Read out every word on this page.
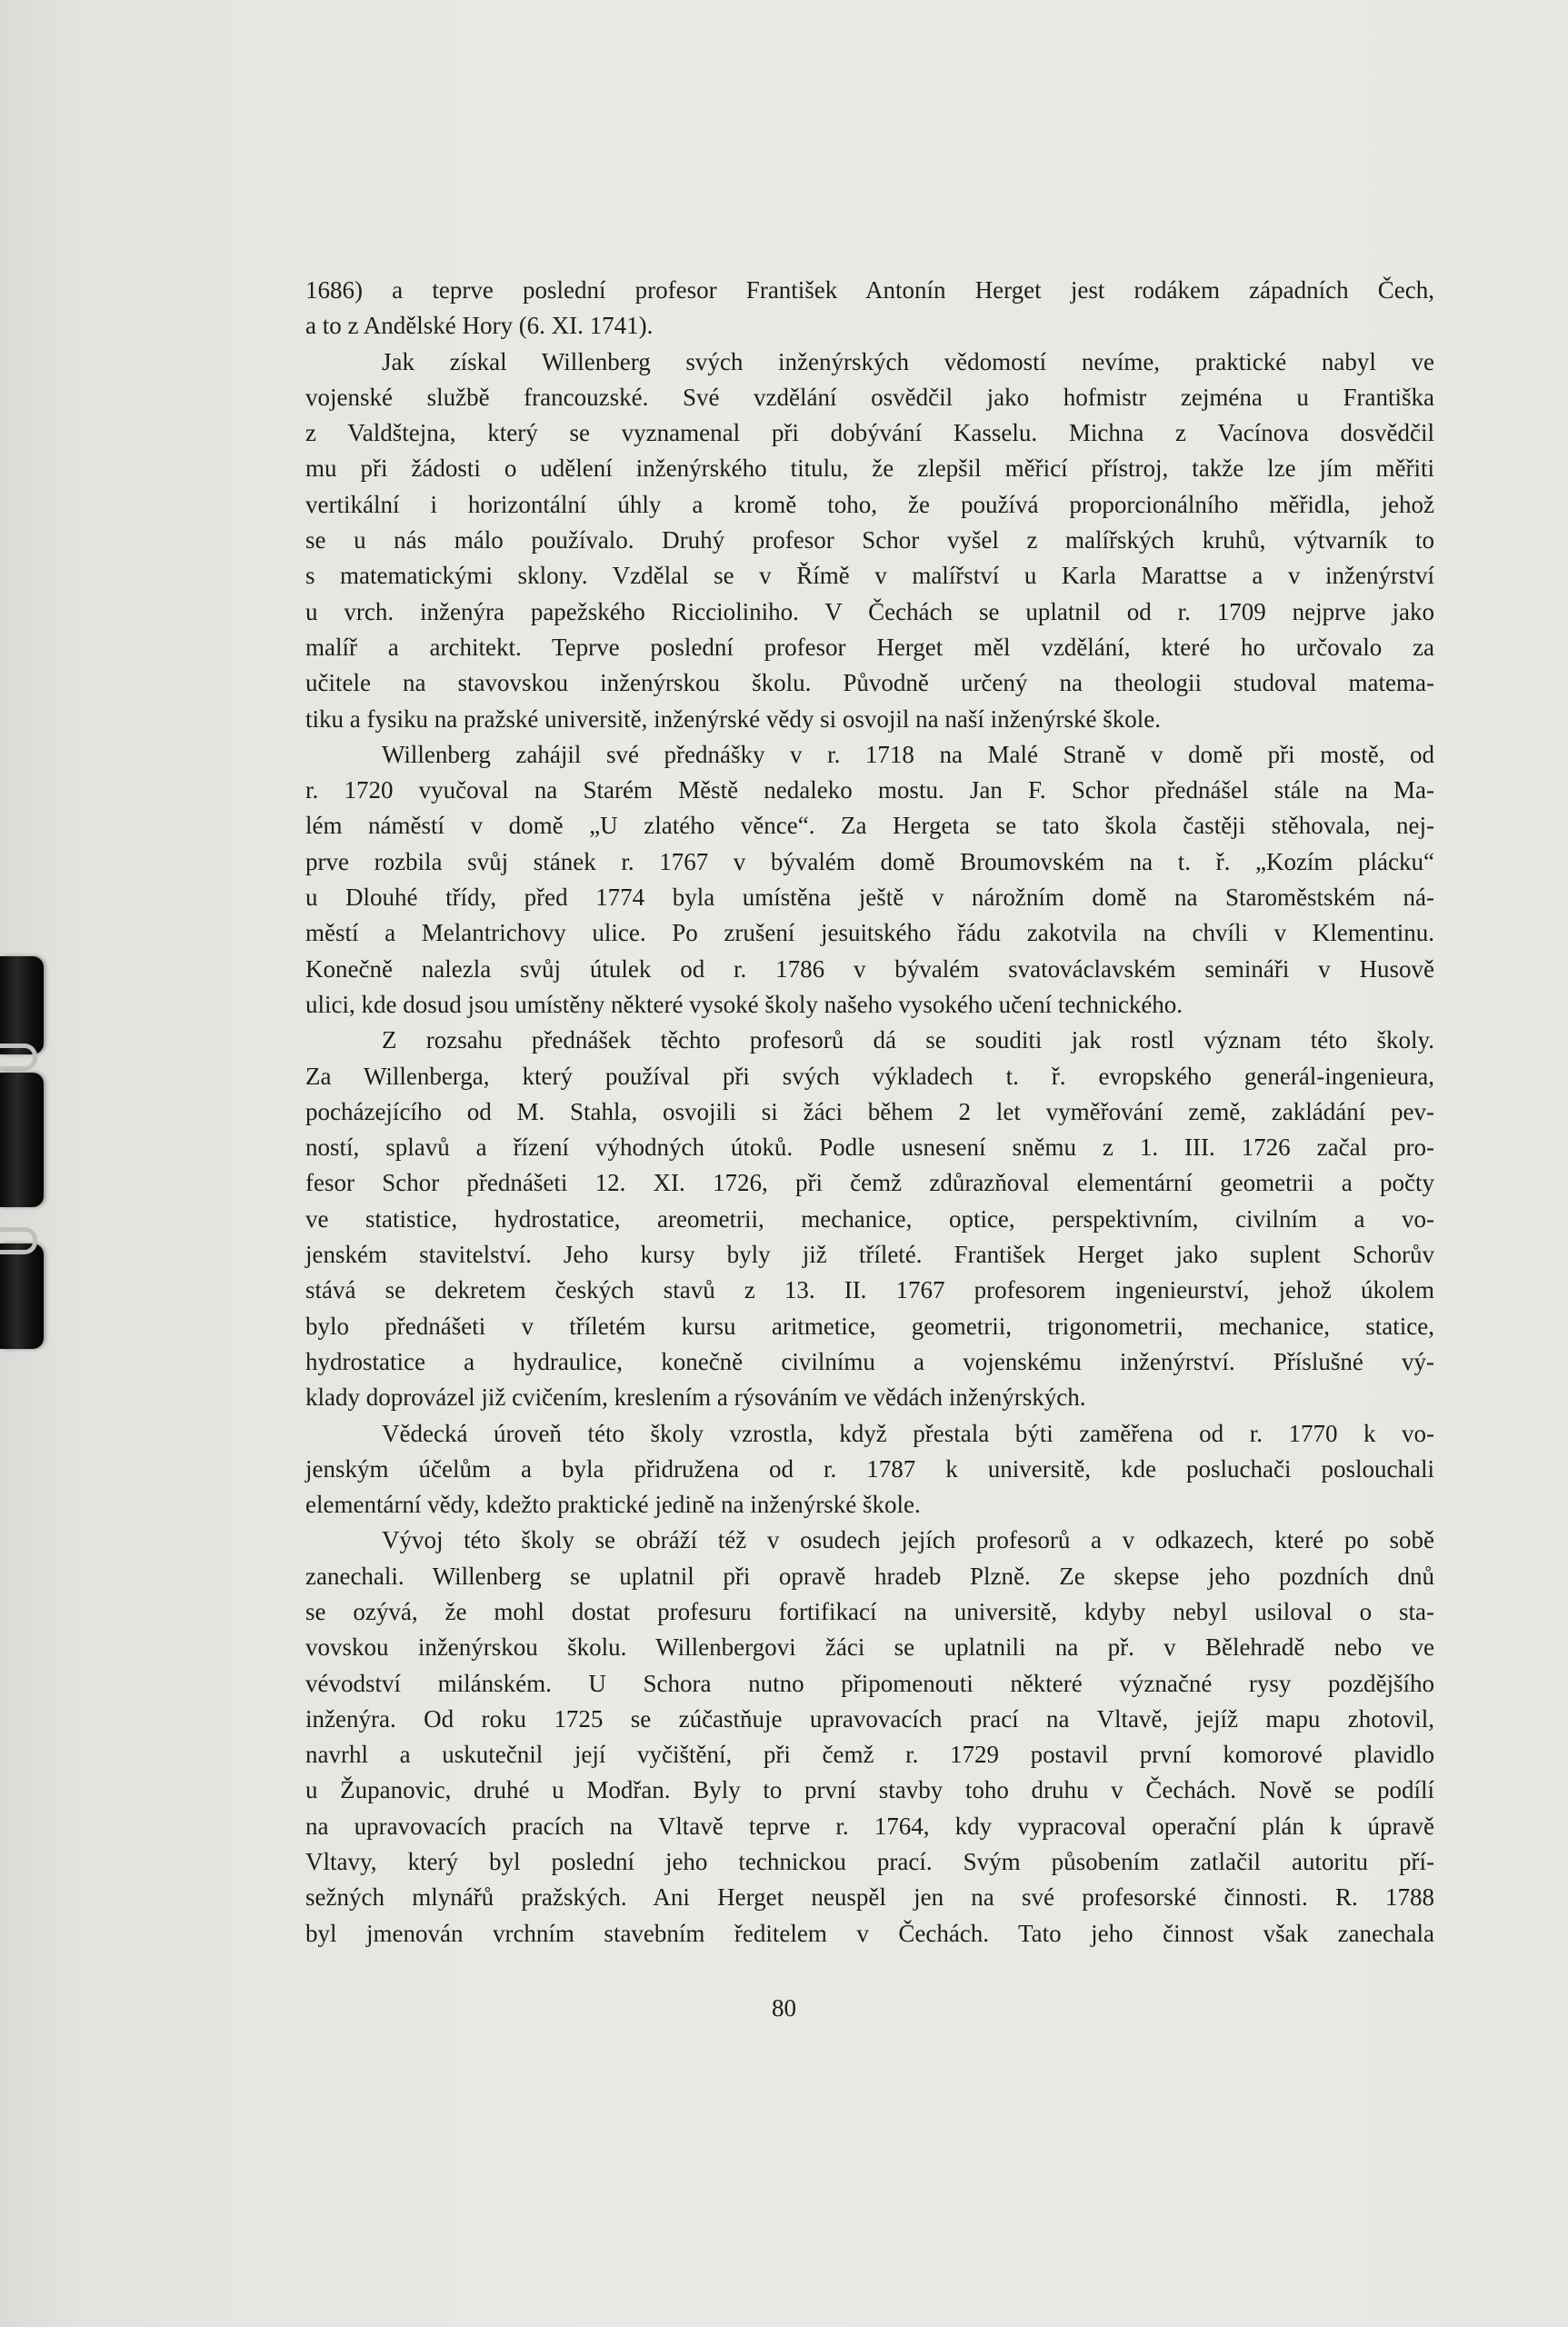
1686) a teprve poslední profesor František Antonín Herget jest rodákem západních Čech,
a to z Andělské Hory (6. XI. 1741).
Jak získal Willenberg svých inženýrských vědomostí nevíme, praktické nabyl ve
vojenské službě francouzské. Své vzdělání osvědčil jako hofmistr zejména u Františka
z Valdštejna, který se vyznamenal při dobývání Kasselu. Michna z Vacínova dosvědčil
mu při žádosti o udělení inženýrského titulu, že zlepšil měřicí přístroj, takže lze jím měřiti
vertikální i horizontální úhly a kromě toho, že používá proporcionálního měřidla, jehož
se u nás málo používalo. Druhý profesor Schor vyšel z malířských kruhů, výtvarník to
s matematickými sklony. Vzdělal se v Římě v malířství u Karla Marattse a v inženýrství
u vrch. inženýra papežského Riccioliniho. V Čechách se uplatnil od r. 1709 nejprve jako
malíř a architekt. Teprve poslední profesor Herget měl vzdělání, které ho určovalo za
učitele na stavovskou inženýrskou školu. Původně určený na theologii studoval matema-
tiku a fysiku na pražské universitě, inženýrské vědy si osvojil na naší inženýrské škole.
Willenberg zahájil své přednášky v r. 1718 na Malé Straně v domě při mostě, od
r. 1720 vyučoval na Starém Městě nedaleko mostu. Jan F. Schor přednášel stále na Ma-
lém náměstí v domě „U zlatého věnce“. Za Hergeta se tato škola častěji stěhovala, nej-
prve rozbila svůj stánek r. 1767 v bývalém domě Broumovském na t. ř. „Kozím plácku“
u Dlouhé třídy, před 1774 byla umístěna ještě v nárožním domě na Staroměstském ná-
městí a Melantrichovy ulice. Po zrušení jesuitského řádu zakotvila na chvíli v Klementinu.
Konečně nalezla svůj útulek od r. 1786 v bývalém svatováclavském semináři v Husově
ulici, kde dosud jsou umístěny některé vysoké školy našeho vysokého učení technického.
Z rozsahu přednášek těchto profesorů dá se souditi jak rostl význam této školy.
Za Willenberga, který používal při svých výkladech t. ř. evropského generál-ingenieura,
pocházejícího od M. Stahla, osvojili si žáci během 2 let vyměřování země, zakládání pev-
ností, splavů a řízení výhodných útoků. Podle usnesení sněmu z 1. III. 1726 začal pro-
fesor Schor přednášeti 12. XI. 1726, při čemž zdůrazňoval elementární geometrii a počty
ve statistice, hydrostatice, areometrii, mechanice, optice, perspektivním, civilním a vo-
jenském stavitelství. Jeho kursy byly již tříleté. František Herget jako suplent Schorův
stává se dekretem českých stavů z 13. II. 1767 profesorem ingenieurství, jehož úkolem
bylo přednášeti v tříletém kursu aritmetice, geometrii, trigonometrii, mechanice, statice,
hydrostatice a hydraulice, konečně civilnímu a vojenskému inženýrství. Příslušné vý-
klady doprovázel již cvičením, kreslením a rýsováním ve vědách inženýrských.
Vědecká úroveň této školy vzrostla, když přestala býti zaměřena od r. 1770 k vo-
jenským účelům a byla přidružena od r. 1787 k universitě, kde posluchači poslouchali
elementární vědy, kdežto praktické jedině na inženýrské škole.
Vývoj této školy se obráží též v osudech jejích profesorů a v odkazech, které po sobě
zanechali. Willenberg se uplatnil při opravě hradeb Plzně. Ze skepse jeho pozdních dnů
se ozývá, že mohl dostat profesuru fortifikací na universitě, kdyby nebyl usiloval o sta-
vovskou inženýrskou školu. Willenbergovi žáci se uplatnili na př. v Bělehradě nebo ve
vévodství milánském. U Schora nutno připomenouti některé význačné rysy pozdějšího
inženýra. Od roku 1725 se zúčastňuje upravovacích prací na Vltavě, jejíž mapu zhotovil,
navrhl a uskutečnil její vyčištění, při čemž r. 1729 postavil první komorové plavidlo
u Županovic, druhé u Modřan. Byly to první stavby toho druhu v Čechách. Nově se podílí
na upravovacích pracích na Vltavě teprve r. 1764, kdy vypracoval operační plán k úpravě
Vltavy, který byl poslední jeho technickou prací. Svým působením zatlačil autoritu pří-
sežných mlynářů pražských. Ani Herget neuspěl jen na své profesorské činnosti. R. 1788
byl jmenován vrchním stavebním ředitelem v Čechách. Tato jeho činnost však zanechala
80
